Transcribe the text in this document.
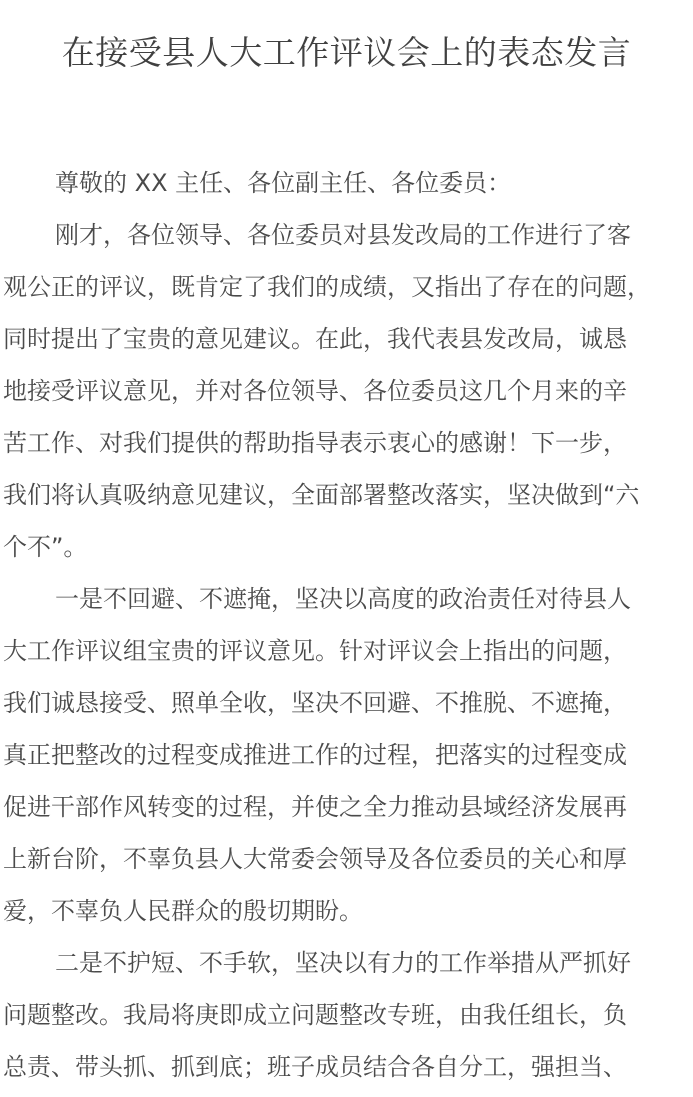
在接受县人大工作评议会上的表态发言
尊敬的 XX 主任、各位副主任、各位委员：
刚才，各位领导、各位委员对县发改局的工作进行了客
观公正的评议，既肯定了我们的成绩，又指出了存在的问题，
同时提出了宝贵的意见建议。在此，我代表县发改局，诚恳
地接受评议意见，并对各位领导、各位委员这几个月来的辛
苦工作、对我们提供的帮助指导表示衷心的感谢！下一步，
我们将认真吸纳意见建议，全面部署整改落实，坚决做到“六
个不”。
一是不回避、不遮掩，坚决以高度的政治责任对待县人
大工作评议组宝贵的评议意见。针对评议会上指出的问题，
我们诚恳接受、照单全收，坚决不回避、不推脱、不遮掩，
真正把整改的过程变成推进工作的过程，把落实的过程变成
促进干部作风转变的过程，并使之全力推动县域经济发展再
上新台阶，不辜负县人大常委会领导及各位委员的关心和厚
爱，不辜负人民群众的殷切期盼。
二是不护短、不手软，坚决以有力的工作举措从严抓好
问题整改。我局将庚即成立问题整改专班，由我任组长，负
总责、带头抓、抓到底；班子成员结合各自分工，强担当、
